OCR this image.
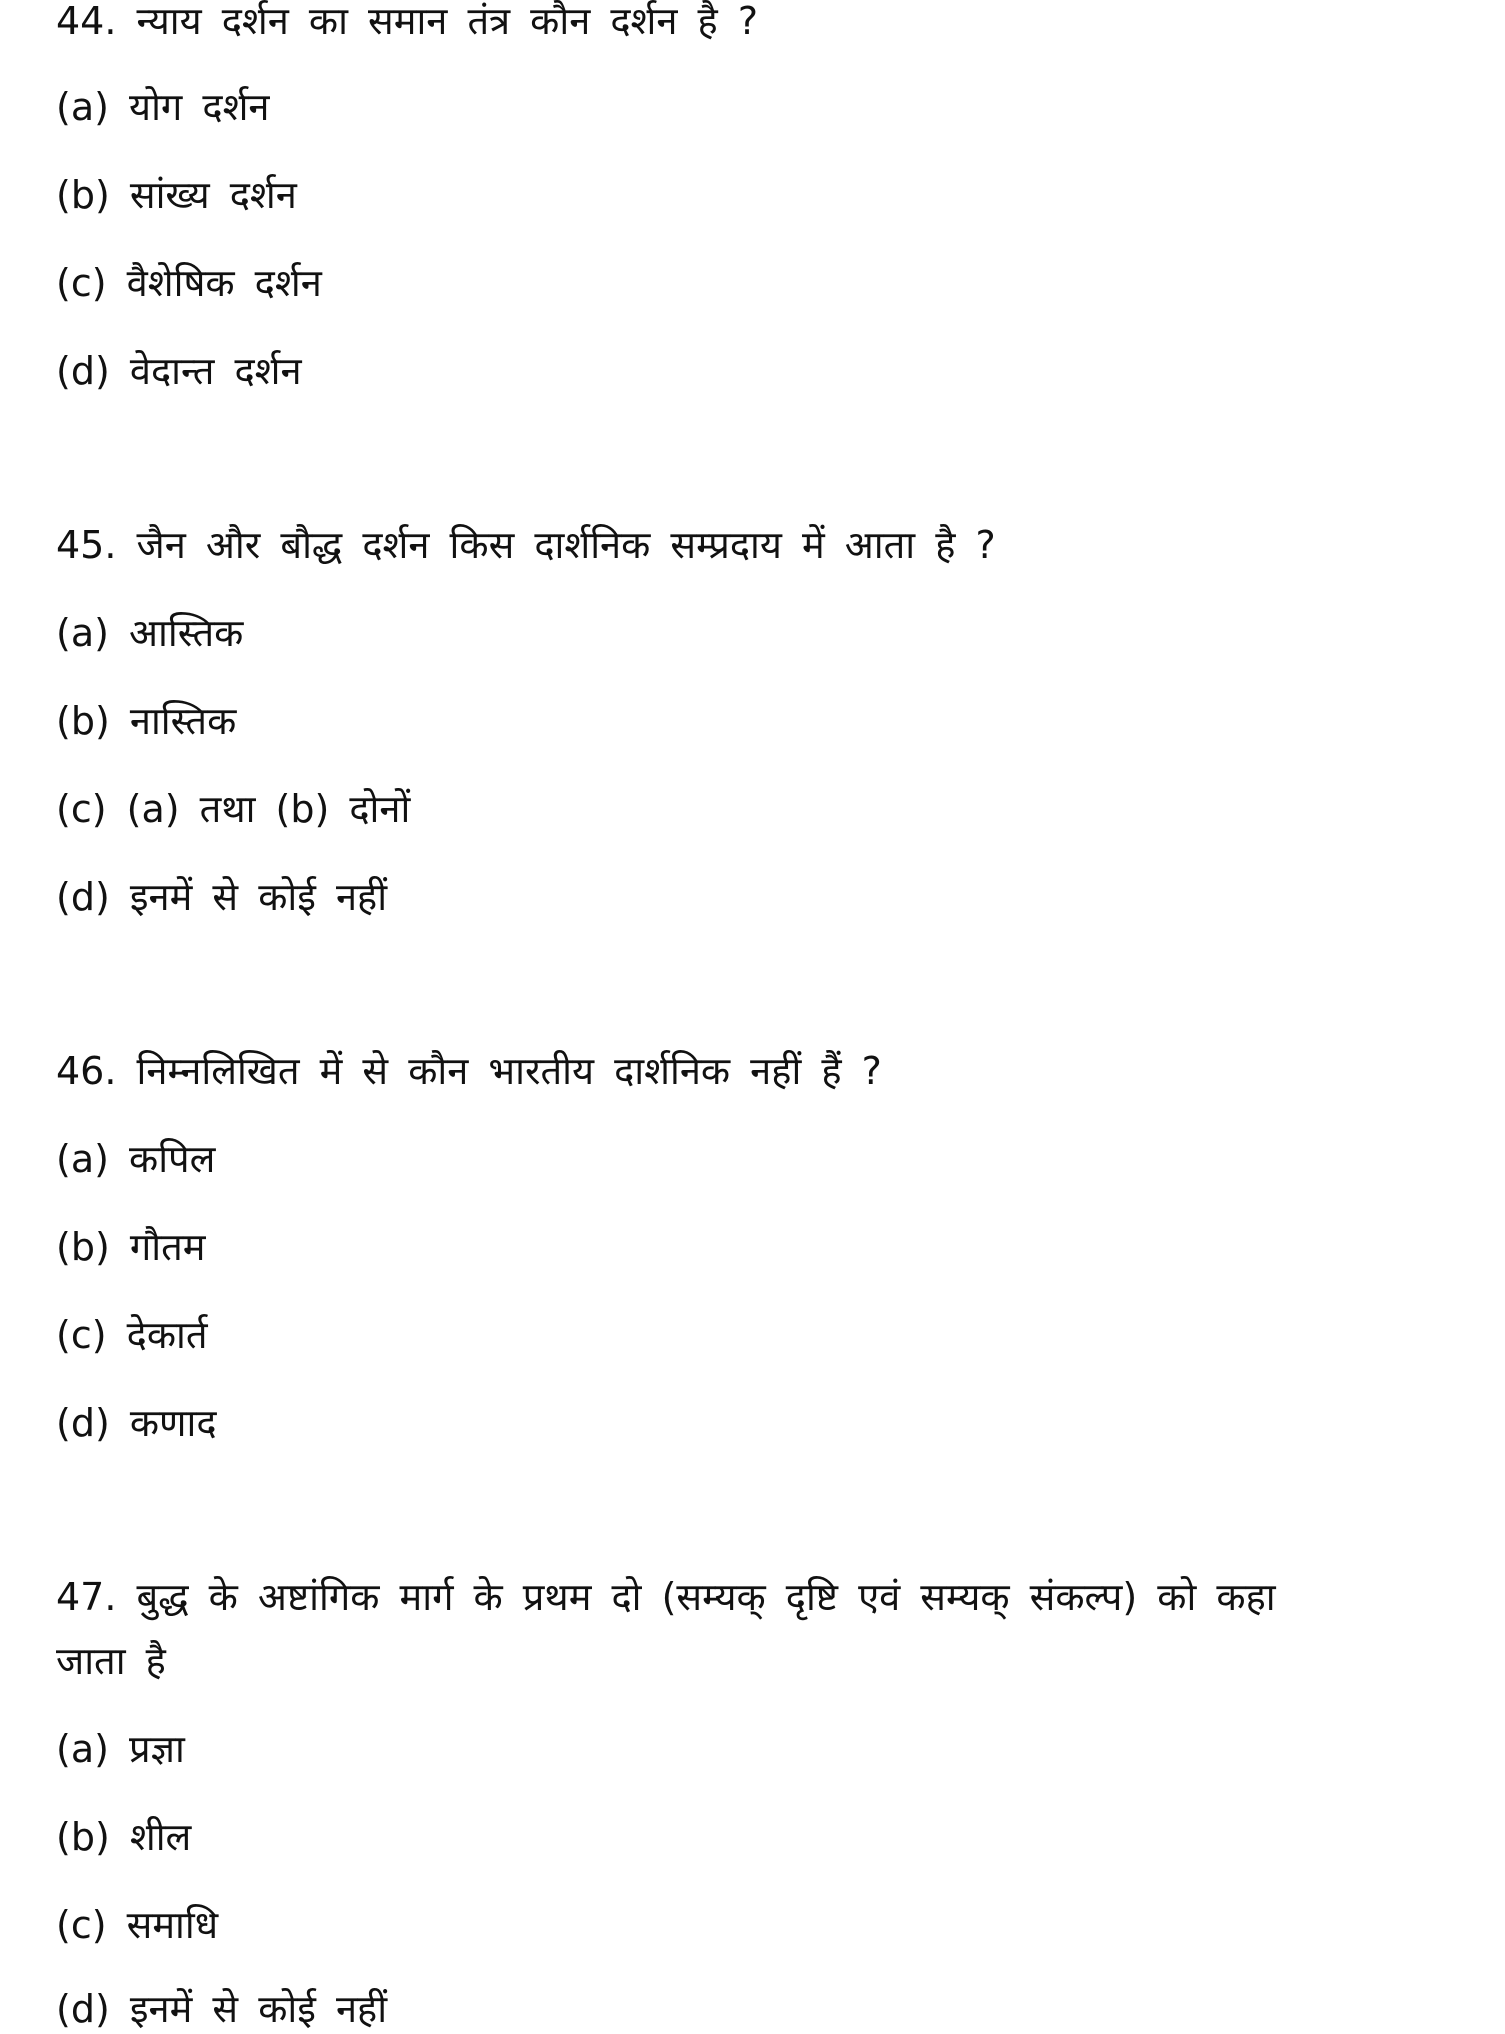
44. न्याय दर्शन का समान तंत्र कौन दर्शन है ?
(a) योग दर्शन
(b) सांख्य दर्शन
(c) वैशेषिक दर्शन
(d) वेदान्त दर्शन
45. जैन और बौद्ध दर्शन किस दार्शनिक सम्प्रदाय में आता है ?
(a) आस्तिक
(b) नास्तिक
(c) (a) तथा (b) दोनों
(d) इनमें से कोई नहीं
46. निम्नलिखित में से कौन भारतीय दार्शनिक नहीं हैं ?
(a) कपिल
(b) गौतम
(c) देकार्त
(d) कणाद
47. बुद्ध के अष्टांगिक मार्ग के प्रथम दो (सम्यक् दृष्टि एवं सम्यक् संकल्प) को कहा
जाता है
(a) प्रज्ञा
(b) शील
(c) समाधि
(d) इनमें से कोई नहीं
